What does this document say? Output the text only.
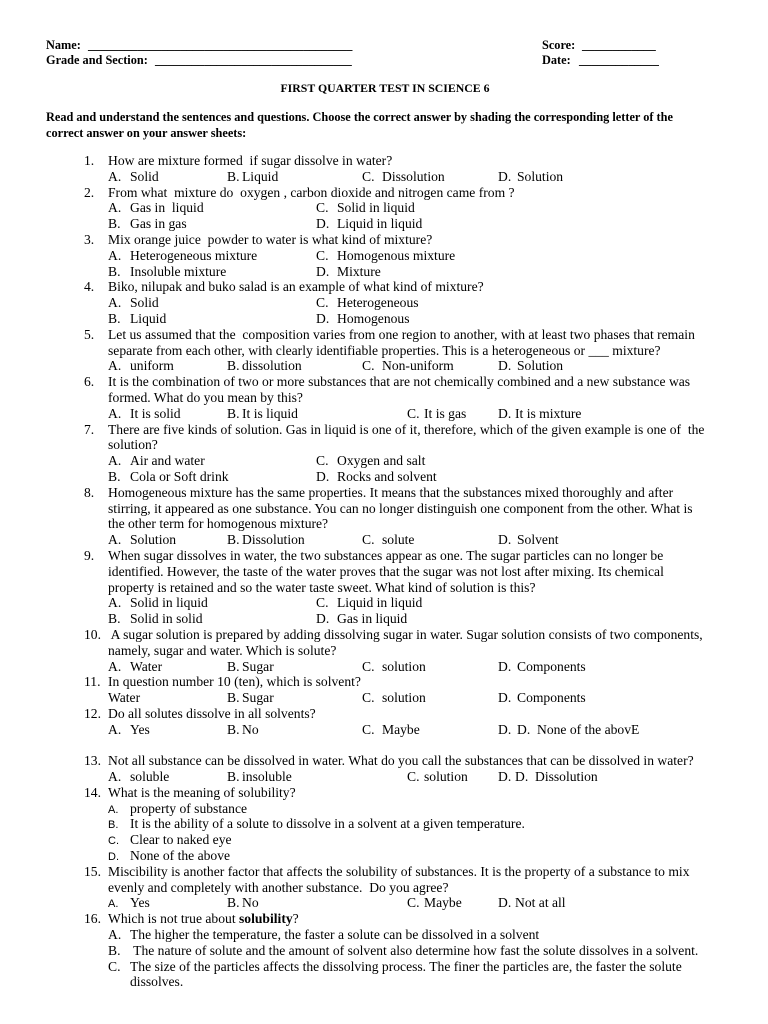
Name: ___________________________________________	Score: ____________
Grade and Section: ________________________________	Date: _____________
FIRST QUARTER TEST IN SCIENCE 6
Read and understand the sentences and questions. Choose the correct answer by shading the corresponding letter of the correct answer on your answer sheets:
1. How are mixture formed  if sugar dissolve in water?
A. Solid	B. Liquid	C. Dissolution	D. Solution
2. From what  mixture do  oxygen , carbon dioxide and nitrogen came from ?
A. Gas in  liquid	C. Solid in liquid
B. Gas in gas	D. Liquid in liquid
3. Mix orange juice  powder to water is what kind of mixture?
A. Heterogeneous mixture	C. Homogenous mixture
B. Insoluble mixture	D. Mixture
4. Biko, nilupak and buko salad is an example of what kind of mixture?
A. Solid	C. Heterogeneous
B. Liquid	D. Homogenous
5. Let us assumed that the  composition varies from one region to another, with at least two phases that remain
separate from each other, with clearly identifiable properties. This is a heterogeneous or ___ mixture?
A. uniform	B. dissolution	C. Non-uniform	D. Solution
6. It is the combination of two or more substances that are not chemically combined and a new substance was
formed. What do you mean by this?
A. It is solid	B. It is liquid	C. It is gas D. It is mixture
7. There are five kinds of solution. Gas in liquid is one of it, therefore, which of the given example is one of  the
solution?
A. Air and water	C. Oxygen and salt
B. Cola or Soft drink	D. Rocks and solvent
8. Homogeneous mixture has the same properties. It means that the substances mixed thoroughly and after
stirring, it appeared as one substance. You can no longer distinguish one component from the other. What is
the other term for homogenous mixture?
A. Solution	B. Dissolution	C. solute	D. Solvent
9. When sugar dissolves in water, the two substances appear as one. The sugar particles can no longer be
identified. However, the taste of the water proves that the sugar was not lost after mixing. Its chemical
property is retained and so the water taste sweet. What kind of solution is this?
A. Solid in liquid	C. Liquid in liquid
B. Solid in solid	D. Gas in liquid
10. A sugar solution is prepared by adding dissolving sugar in water. Sugar solution consists of two components,
namely, sugar and water. Which is solute?
A. Water	B. Sugar	C. solution	D. Components
11. In question number 10 (ten), which is solvent?
Water	B. Sugar	C. solution	D. Components
12. Do all solutes dissolve in all solvents?
A. Yes	B. No	C. Maybe	D. D.  None of the abovE
13. Not all substance can be dissolved in water. What do you call the substances that can be dissolved in water?
A. soluble	B. insoluble	C. solution D. D.  Dissolution
14. What is the meaning of solubility?
A. property of substance
B. It is the ability of a solute to dissolve in a solvent at a given temperature.
C. Clear to naked eye
D. None of the above
15. Miscibility is another factor that affects the solubility of substances. It is the property of a substance to mix
evenly and completely with another substance.  Do you agree?
A. Yes	B. No	C. Maybe	D. Not at all
16. Which is not true about solubility?
A. The higher the temperature, the faster a solute can be dissolved in a solvent
B. The nature of solute and the amount of solvent also determine how fast the solute dissolves in a solvent.
C. The size of the particles affects the dissolving process. The finer the particles are, the faster the solute
dissolves.
